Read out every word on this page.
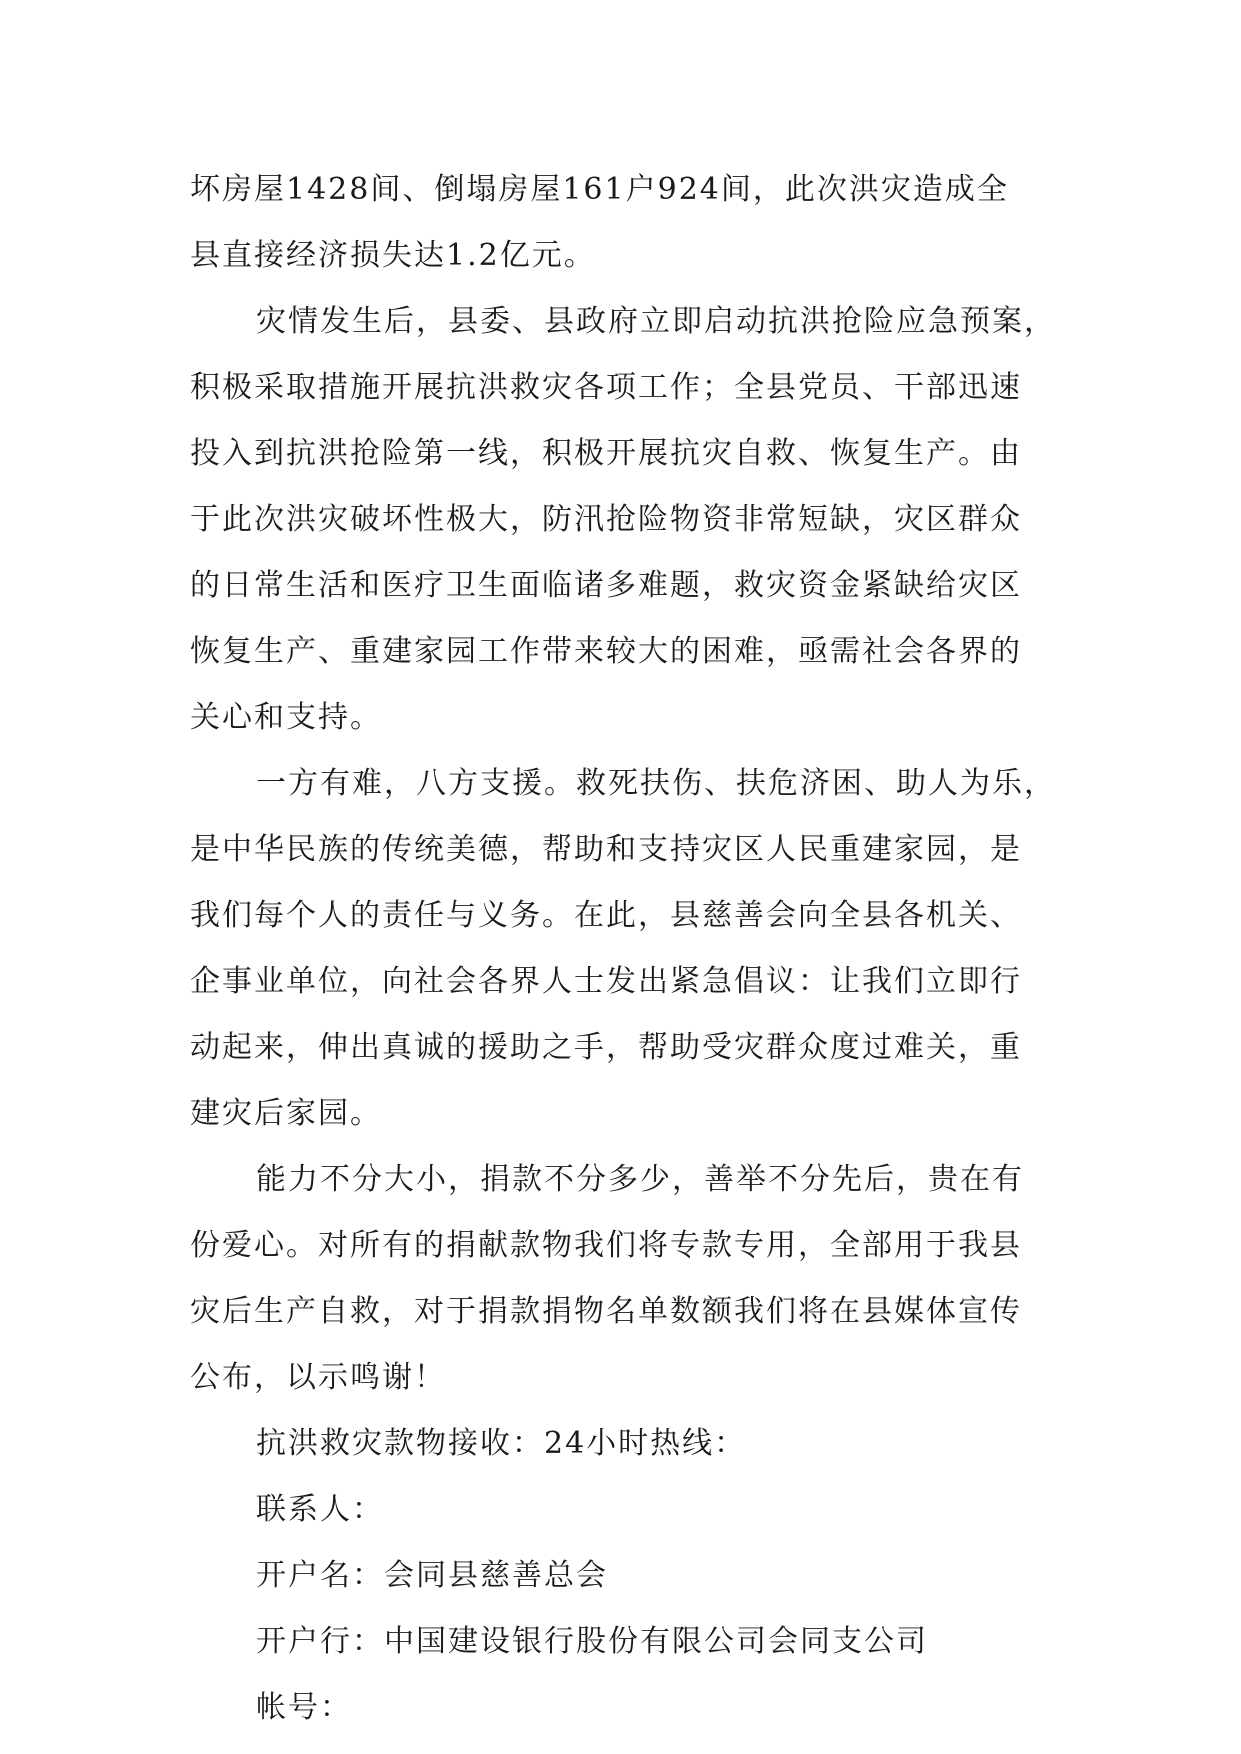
坏房屋1428间、倒塌房屋161户924间，此次洪灾造成全
县直接经济损失达1.2亿元。
灾情发生后，县委、县政府立即启动抗洪抢险应急预案，
积极采取措施开展抗洪救灾各项工作；全县党员、干部迅速
投入到抗洪抢险第一线，积极开展抗灾自救、恢复生产。由
于此次洪灾破坏性极大，防汛抢险物资非常短缺，灾区群众
的日常生活和医疗卫生面临诸多难题，救灾资金紧缺给灾区
恢复生产、重建家园工作带来较大的困难，亟需社会各界的
关心和支持。
一方有难，八方支援。救死扶伤、扶危济困、助人为乐，
是中华民族的传统美德，帮助和支持灾区人民重建家园，是
我们每个人的责任与义务。在此，县慈善会向全县各机关、
企事业单位，向社会各界人士发出紧急倡议：让我们立即行
动起来，伸出真诚的援助之手，帮助受灾群众度过难关，重
建灾后家园。
能力不分大小，捐款不分多少，善举不分先后，贵在有
份爱心。对所有的捐献款物我们将专款专用，全部用于我县
灾后生产自救，对于捐款捐物名单数额我们将在县媒体宣传
公布，以示鸣谢！
抗洪救灾款物接收：24小时热线：
联系人：
开户名：会同县慈善总会
开户行：中国建设银行股份有限公司会同支公司
帐号：
